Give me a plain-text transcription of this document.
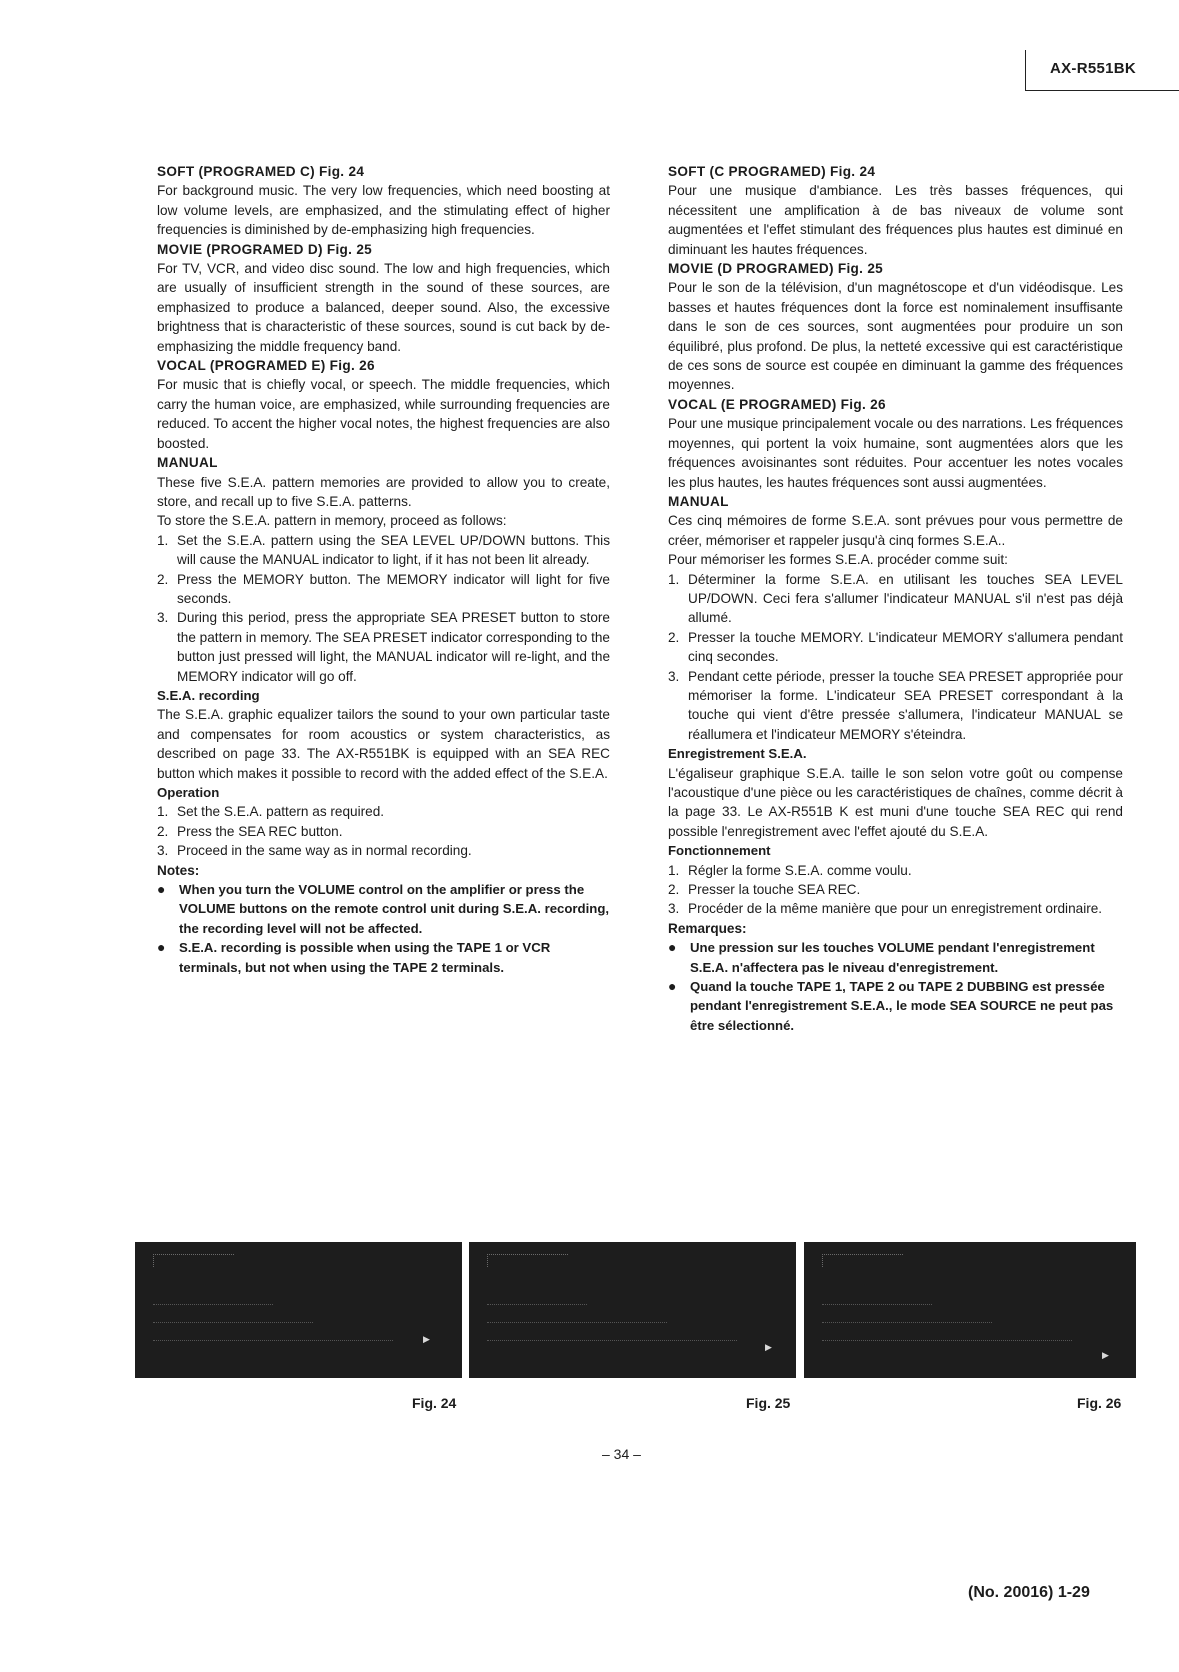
AX-R551BK

SOFT (PROGRAMED C) Fig. 24

For background music. The very low frequencies, which need boosting at low volume levels, are emphasized, and the stimulating effect of higher frequencies is diminished by de-emphasizing high frequencies.

MOVIE (PROGRAMED D) Fig. 25

For TV, VCR, and video disc sound. The low and high frequencies, which are usually of insufficient strength in the sound of these sources, are emphasized to produce a balanced, deeper sound. Also, the excessive brightness that is characteristic of these sources, sound is cut back by de-emphasizing the middle frequency band.

VOCAL (PROGRAMED E) Fig. 26

For music that is chiefly vocal, or speech. The middle frequencies, which carry the human voice, are emphasized, while surrounding frequencies are reduced. To accent the higher vocal notes, the highest frequencies are also boosted.

MANUAL

These five S.E.A. pattern memories are provided to allow you to create, store, and recall up to five S.E.A. patterns.

To store the S.E.A. pattern in memory, proceed as follows:

1. Set the S.E.A. pattern using the SEA LEVEL UP/DOWN buttons. This will cause the MANUAL indicator to light, if it has not been lit already.
2. Press the MEMORY button. The MEMORY indicator will light for five seconds.
3. During this period, press the appropriate SEA PRESET button to store the pattern in memory. The SEA PRESET indicator corresponding to the button just pressed will light, the MANUAL indicator will re-light, and the MEMORY indicator will go off.

S.E.A. recording

The S.E.A. graphic equalizer tailors the sound to your own particular taste and compensates for room acoustics or system characteristics, as described on page 33. The AX-R551BK is equipped with an SEA REC button which makes it possible to record with the added effect of the S.E.A.

Operation

1. Set the S.E.A. pattern as required.
2. Press the SEA REC button.
3. Proceed in the same way as in normal recording.

Notes:

● When you turn the VOLUME control on the amplifier or press the VOLUME buttons on the remote control unit during S.E.A. recording, the recording level will not be affected.
● S.E.A. recording is possible when using the TAPE 1 or VCR terminals, but not when using the TAPE 2 terminals.

SOFT (C PROGRAMED) Fig. 24

Pour une musique d'ambiance. Les très basses fréquences, qui nécessitent une amplification à de bas niveaux de volume sont augmentées et l'effet stimulant des fréquences plus hautes est diminué en diminuant les hautes fréquences.

MOVIE (D PROGRAMED) Fig. 25

Pour le son de la télévision, d'un magnétoscope et d'un vidéodisque. Les basses et hautes fréquences dont la force est nominalement insuffisante dans le son de ces sources, sont augmentées pour produire un son équilibré, plus profond. De plus, la netteté excessive qui est caractéristique de ces sons de source est coupée en diminuant la gamme des fréquences moyennes.

VOCAL (E PROGRAMED) Fig. 26

Pour une musique principalement vocale ou des narrations. Les fréquences moyennes, qui portent la voix humaine, sont augmentées alors que les fréquences avoisinantes sont réduites. Pour accentuer les notes vocales les plus hautes, les hautes fréquences sont aussi augmentées.

MANUAL

Ces cinq mémoires de forme S.E.A. sont prévues pour vous permettre de créer, mémoriser et rappeler jusqu'à cinq formes S.E.A..

Pour mémoriser les formes S.E.A. procéder comme suit:

1. Déterminer la forme S.E.A. en utilisant les touches SEA LEVEL UP/DOWN. Ceci fera s'allumer l'indicateur MANUAL s'il n'est pas déjà allumé.
2. Presser la touche MEMORY. L'indicateur MEMORY s'allumera pendant cinq secondes.
3. Pendant cette période, presser la touche SEA PRESET appropriée pour mémoriser la forme. L'indicateur SEA PRESET correspondant à la touche qui vient d'être pressée s'allumera, l'indicateur MANUAL se réallumera et l'indicateur MEMORY s'éteindra.

Enregistrement S.E.A.

L'égaliseur graphique S.E.A. taille le son selon votre goût ou compense l'acoustique d'une pièce ou les caractéristiques de chaînes, comme décrit à la page 33. Le AX-R551B K est muni d'une touche SEA REC qui rend possible l'enregistrement avec l'effet ajouté du S.E.A.

Fonctionnement

1. Régler la forme S.E.A. comme voulu.
2. Presser la touche SEA REC.
3. Procéder de la même manière que pour un enregistrement ordinaire.

Remarques:

● Une pression sur les touches VOLUME pendant l'enregistrement S.E.A. n'affectera pas le niveau d'enregistrement.
● Quand la touche TAPE 1, TAPE 2 ou TAPE 2 DUBBING est pressée pendant l'enregistrement S.E.A., le mode SEA SOURCE ne peut pas être sélectionné.
▶
▶
▶
Fig. 24	Fig. 25	Fig. 26
– 34 –
(No. 20016) 1-29
